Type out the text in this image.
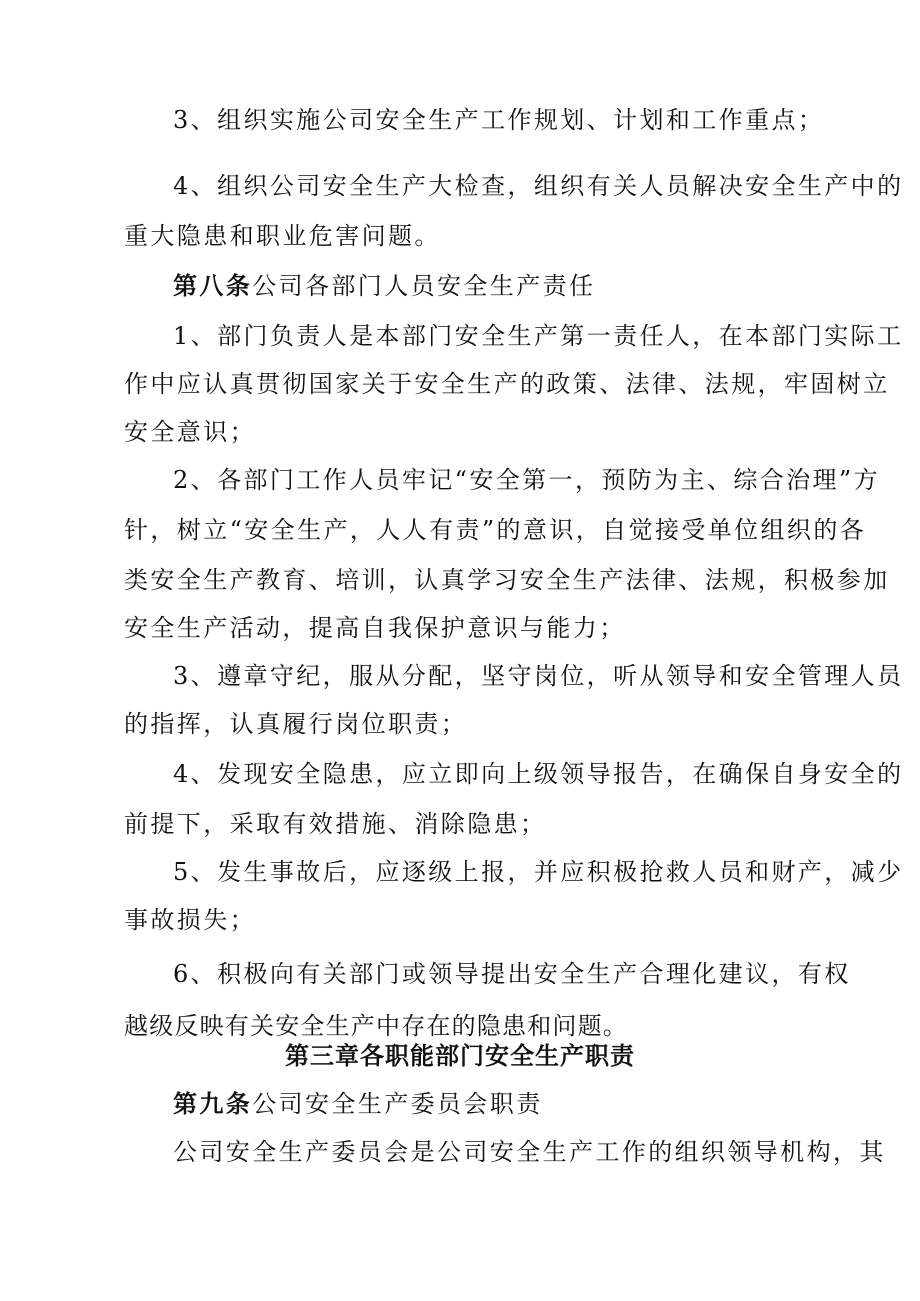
3、组织实施公司安全生产工作规划、计划和工作重点；
4、组织公司安全生产大检查，组织有关人员解决安全生产中的
重大隐患和职业危害问题。
第八条公司各部门人员安全生产责任
1、部门负责人是本部门安全生产第一责任人，在本部门实际工
作中应认真贯彻国家关于安全生产的政策、法律、法规，牢固树立
安全意识；
2、各部门工作人员牢记“安全第一，预防为主、综合治理”方
针，树立“安全生产，人人有责”的意识，自觉接受单位组织的各
类安全生产教育、培训，认真学习安全生产法律、法规，积极参加
安全生产活动，提高自我保护意识与能力；
3、遵章守纪，服从分配，坚守岗位，听从领导和安全管理人员
的指挥，认真履行岗位职责；
4、发现安全隐患，应立即向上级领导报告，在确保自身安全的
前提下，采取有效措施、消除隐患；
5、发生事故后，应逐级上报，并应积极抢救人员和财产，减少
事故损失；
6、积极向有关部门或领导提出安全生产合理化建议，有权
越级反映有关安全生产中存在的隐患和问题。
第三章各职能部门安全生产职责
第九条公司安全生产委员会职责
公司安全生产委员会是公司安全生产工作的组织领导机构，其
